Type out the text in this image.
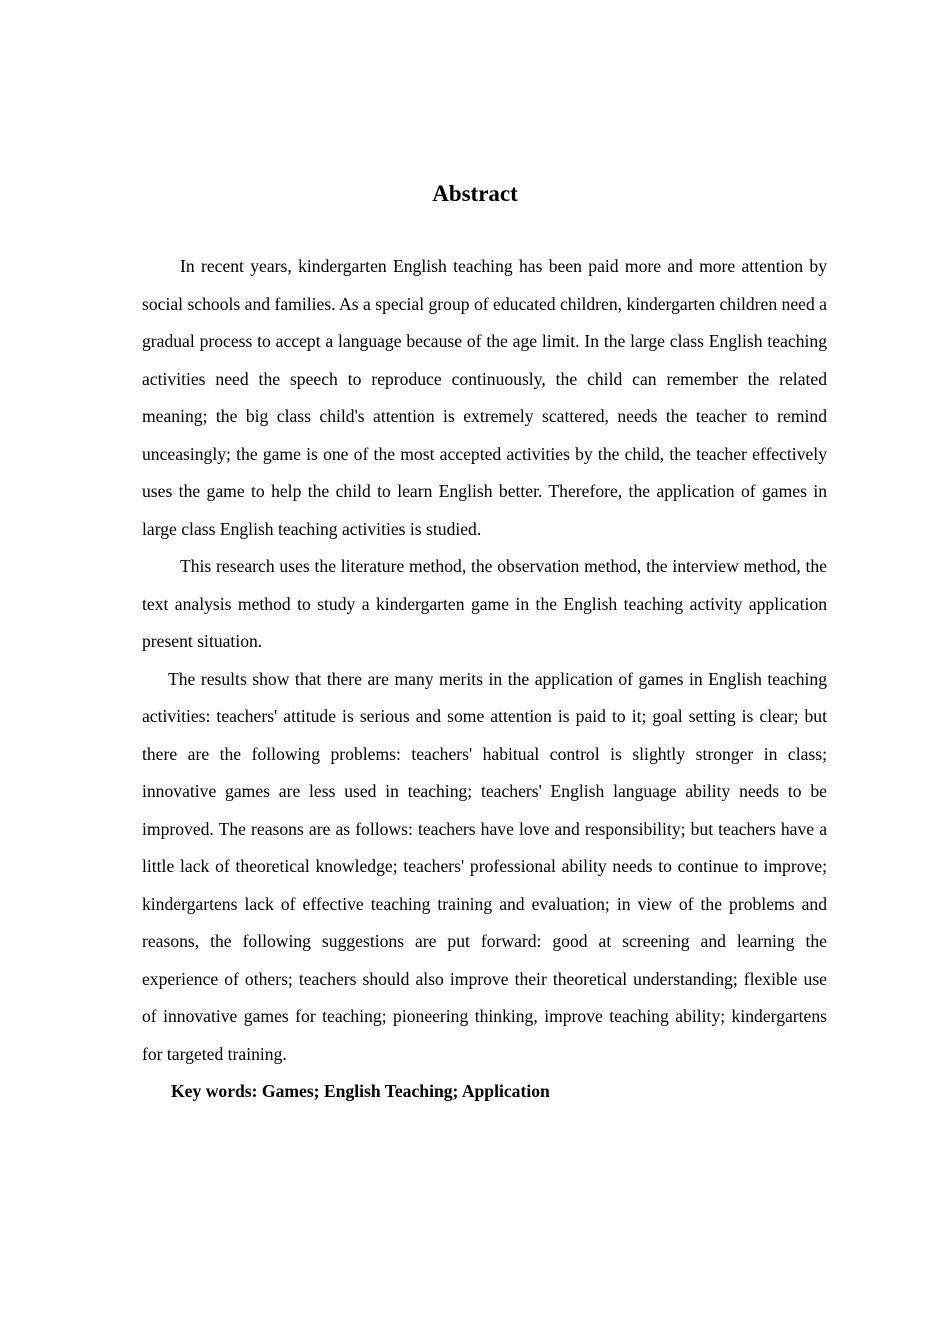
Abstract

In recent years, kindergarten English teaching has been paid more and more attention by social schools and families. As a special group of educated children, kindergarten children need a gradual process to accept a language because of the age limit. In the large class English teaching activities need the speech to reproduce continuously, the child can remember the related meaning; the big class child's attention is extremely scattered, needs the teacher to remind unceasingly; the game is one of the most accepted activities by the child, the teacher effectively uses the game to help the child to learn English better. Therefore, the application of games in large class English teaching activities is studied.

This research uses the literature method, the observation method, the interview method, the text analysis method to study a kindergarten game in the English teaching activity application present situation.

The results show that there are many merits in the application of games in English teaching activities: teachers' attitude is serious and some attention is paid to it; goal setting is clear; but there are the following problems: teachers' habitual control is slightly stronger in class; innovative games are less used in teaching; teachers' English language ability needs to be improved. The reasons are as follows: teachers have love and responsibility; but teachers have a little lack of theoretical knowledge; teachers' professional ability needs to continue to improve; kindergartens lack of effective teaching training and evaluation; in view of the problems and reasons, the following suggestions are put forward: good at screening and learning the experience of others; teachers should also improve their theoretical understanding; flexible use of innovative games for teaching; pioneering thinking, improve teaching ability; kindergartens for targeted training.

Key words: Games; English Teaching; Application
